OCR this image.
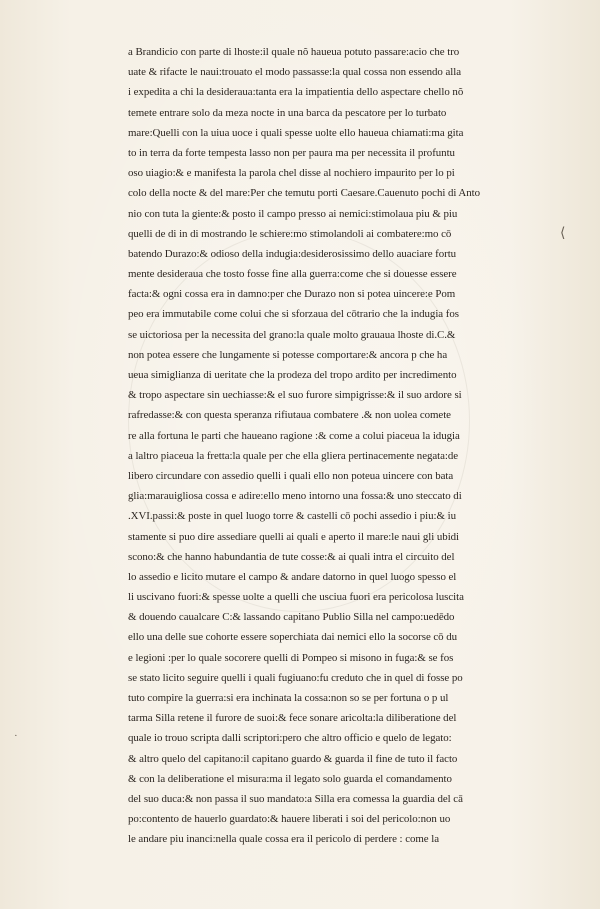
a Brandicio con parte di lhoste:il quale nõ haueua potuto passare:acio che tro
uate & rifacte le naui:trouato el modo passasse:la qual cossa non essendo alla
i expedita a chi la desideraua:tanta era la impatientia dello aspectare chello nõ
temete entrare solo da meza nocte in una barca da pescatore per lo turbato
mare:Quelli con la uiua uoce i quali spesse uolte ello haueua chiamati:ma gita
to in terra da forte tempesta lasso non per paura ma per necessita il profuntu
oso uiagio:& e manifesta la parola chel disse al nochiero impaurito per lo pi
colo della nocte & del mare:Per che temutu porti Caesare.Cauenuto pochi di Anto
nio con tuta la giente:& posto il campo presso ai nemici:stimolaua piu & piu
quelli de di in di mostrando le schiere:mo stimolandoli ai combatere:mo cō
batendo Durazo:& odioso della indugia:desiderosissimo dello auaciare fortu
mente desideraua che tosto fosse fine alla guerra:come che si douesse essere
facta:& ogni cossa era in damno:per che Durazo non si potea uincere:e Pom
peo era immutabile come colui che si sforzaua del cōtrario che la indugia fos
se uictoriosa per la necessita del grano:la quale molto grauaua lhoste di.C.&
non potea essere che lungamente si potesse comportare:& ancora p che ha
ueua simiglianza di ueritate che la prodeza del tropo ardito per incredimento
& tropo aspectare sin uechiasse:& el suo furore simpigrisse:& il suo ardore si
rafredasse:& con questa speranza rifiutaua combatere .& non uolea comete
re alla fortuna le parti che haueano ragione :& come a colui piaceua la idugia
a laltro piaceua la fretta:la quale per che ella gliera pertinacemente negata:de
libero circundare con assedio quelli i quali ello non poteua uincere con bata
glia:marauigliosa cossa e adire:ello meno intorno una fossa:& uno steccato di
.XVI.passi:& poste in quel luogo torre & castelli cō pochi assedio i piu:& iu
stamente si puo dire assediare quelli ai quali e aperto il mare:le naui gli ubidi
scono:& che hanno habundantia de tute cosse:& ai quali intra el circuito del
lo assedio e licito mutare el campo & andare datorno in quel luogo spesso el
li uscivano fuori:& spesse uolte a quelli che usciua fuori era pericolosa luscita
& douendo caualcare C:& lassando capitano Publio Silla nel campo:uedēdo
ello una delle sue cohorte essere soperchiata dai nemici ello la socorse cō du
e legioni :per lo quale socorere quelli di Pompeo si misono in fuga:& se fos
se stato licito seguire quelli i quali fugiuano:fu creduto che in quel di fosse po
tuto compire la guerra:si era inchinata la cossa:non so se per fortuna o p ul
tarma Silla retene il furore de suoi:& fece sonare aricolta:la diliberatione del
quale io trouo scripta dalli scriptori:pero che altro officio e quelo de legato:
& altro quelo del capitano:il capitano guardo & guarda il fine de tuto il facto
& con la deliberatione el misura:ma il legato solo guarda el comandamento
del suo duca:& non passa il suo mandato:a Silla era comessa la guardia del cā
po:contento de hauerlo guardato:& hauere liberati i soi del pericolo:non uo
le andare piu inanci:nella quale cossa era il pericolo di perdere : come la
⟨
·
